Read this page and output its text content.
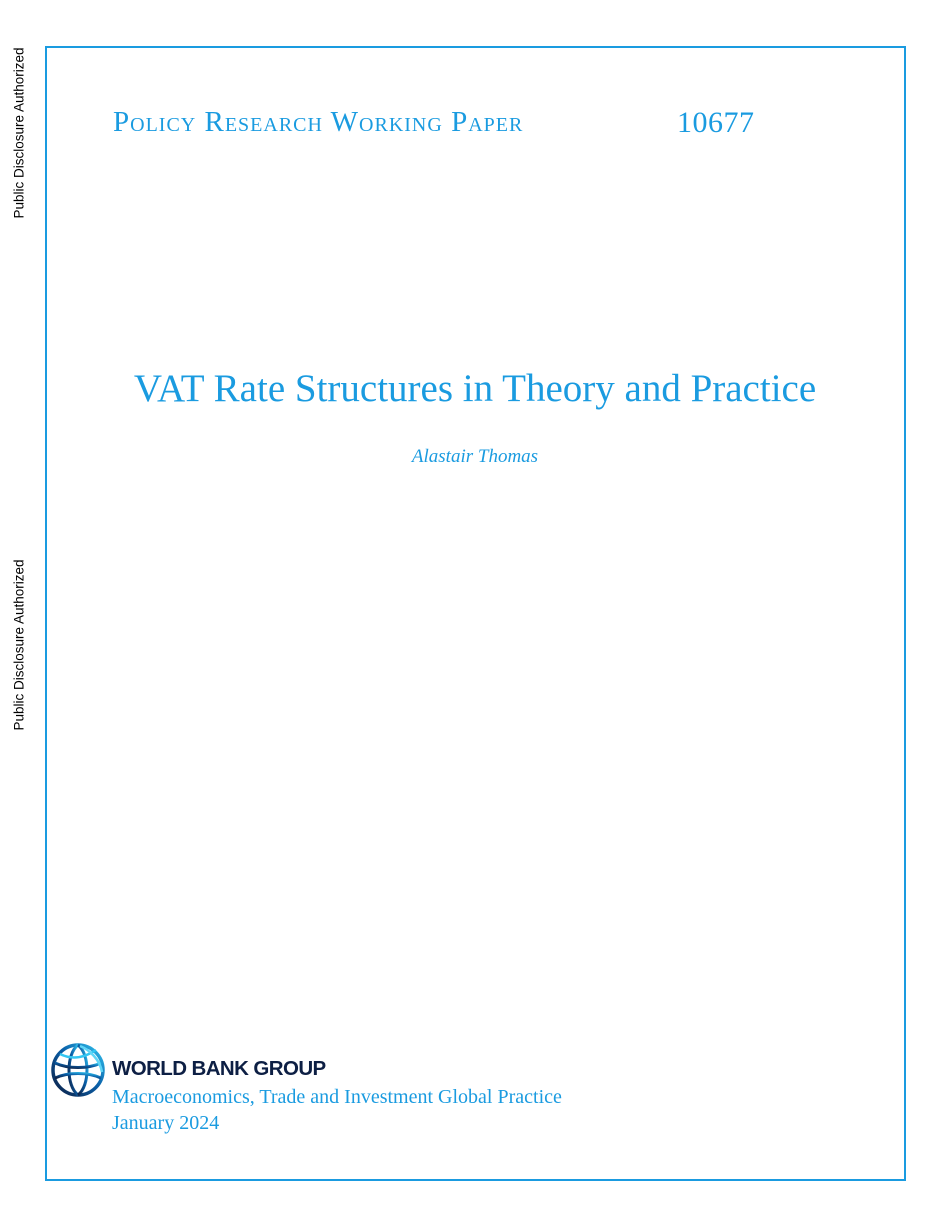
Public Disclosure Authorized
Public Disclosure Authorized
Policy Research Working Paper	10677
VAT Rate Structures in Theory and Practice
Alastair Thomas
WORLD BANK GROUP
Macroeconomics, Trade and Investment Global Practice
January 2024
